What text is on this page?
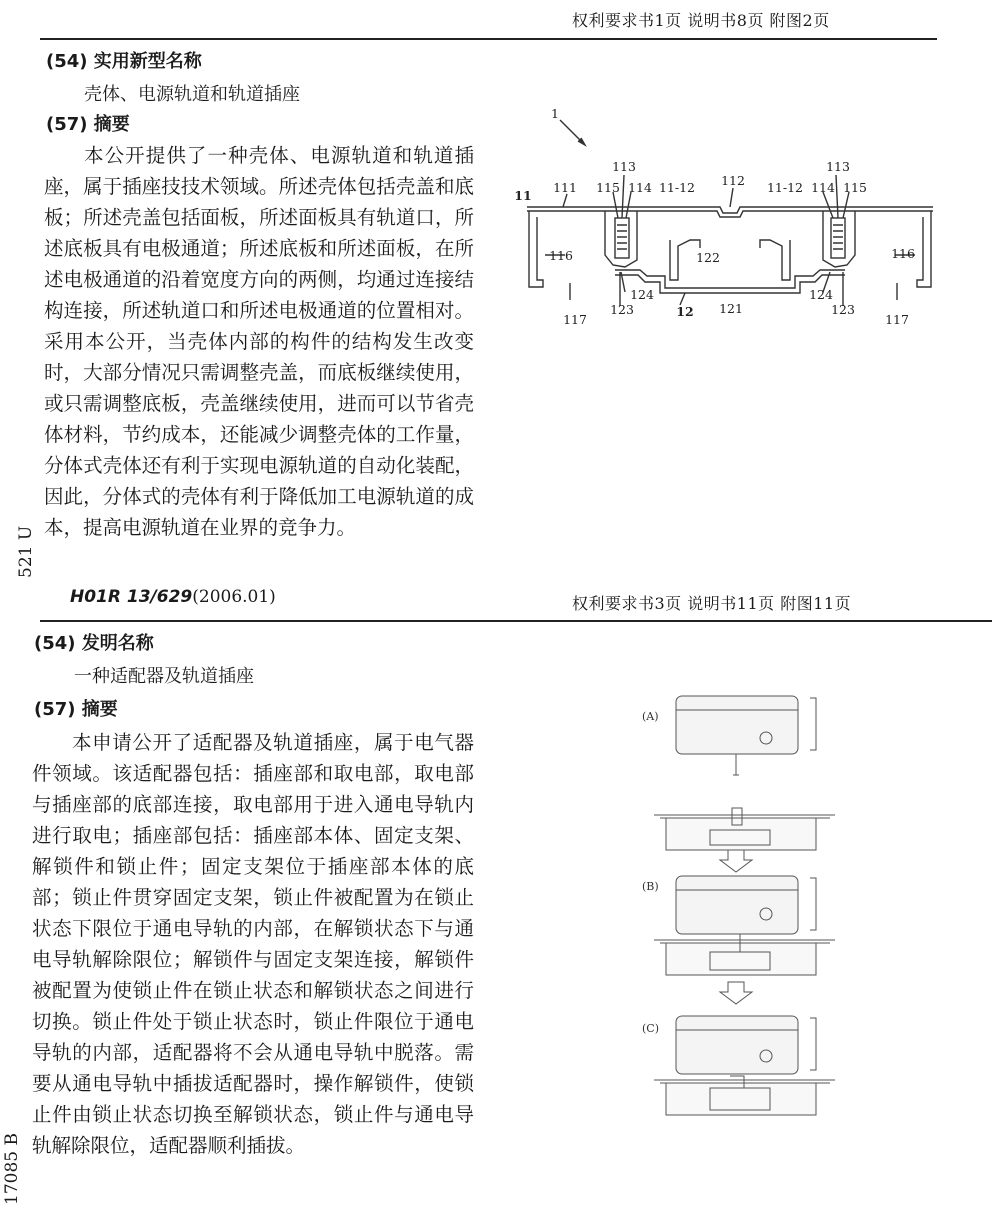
权利要求书1页 说明书8页 附图2页
(54) 实用新型名称
壳体、电源轨道和轨道插座
(57) 摘要

本公开提供了一种壳体、电源轨道和轨道插座，属于插座技技术领域。所述壳体包括壳盖和底板；所述壳盖包括面板，所述面板具有轨道口，所述底板具有电极通道；所述底板和所述面板，在所述电极通道的沿着宽度方向的两侧，均通过连接结构连接，所述轨道口和所述电极通道的位置相对。采用本公开，当壳体内部的构件的结构发生改变时，大部分情况只需调整壳盖，而底板继续使用，或只需调整底板，壳盖继续使用，进而可以节省壳体材料，节约成本，还能减少调整壳体的工作量，分体式壳体还有利于实现电源轨道的自动化装配，因此，分体式的壳体有利于降低加工电源轨道的成本，提高电源轨道在业界的竞争力。

521 U
1
11
111
113
115 114 11-12 112 11-12
113
114 115
116	122	116
117
124
123	12 121
124
123
117
H01R 13/629(2006.01)	权利要求书3页 说明书11页 附图11页
(54) 发明名称
一种适配器及轨道插座
(57) 摘要

本申请公开了适配器及轨道插座，属于电气器件领域。该适配器包括：插座部和取电部，取电部与插座部的底部连接，取电部用于进入通电导轨内进行取电；插座部包括：插座部本体、固定支架、解锁件和锁止件；固定支架位于插座部本体的底部；锁止件贯穿固定支架，锁止件被配置为在锁止状态下限位于通电导轨的内部，在解锁状态下与通电导轨解除限位；解锁件与固定支架连接，解锁件被配置为使锁止件在锁止状态和解锁状态之间进行切换。锁止件处于锁止状态时，锁止件限位于通电导轨的内部，适配器将不会从通电导轨中脱落。需要从通电导轨中插拔适配器时，操作解锁件，使锁止件由锁止状态切换至解锁状态，锁止件与通电导轨解除限位，适配器顺利插拔。

17085 B
(A)
(B)
(C)
